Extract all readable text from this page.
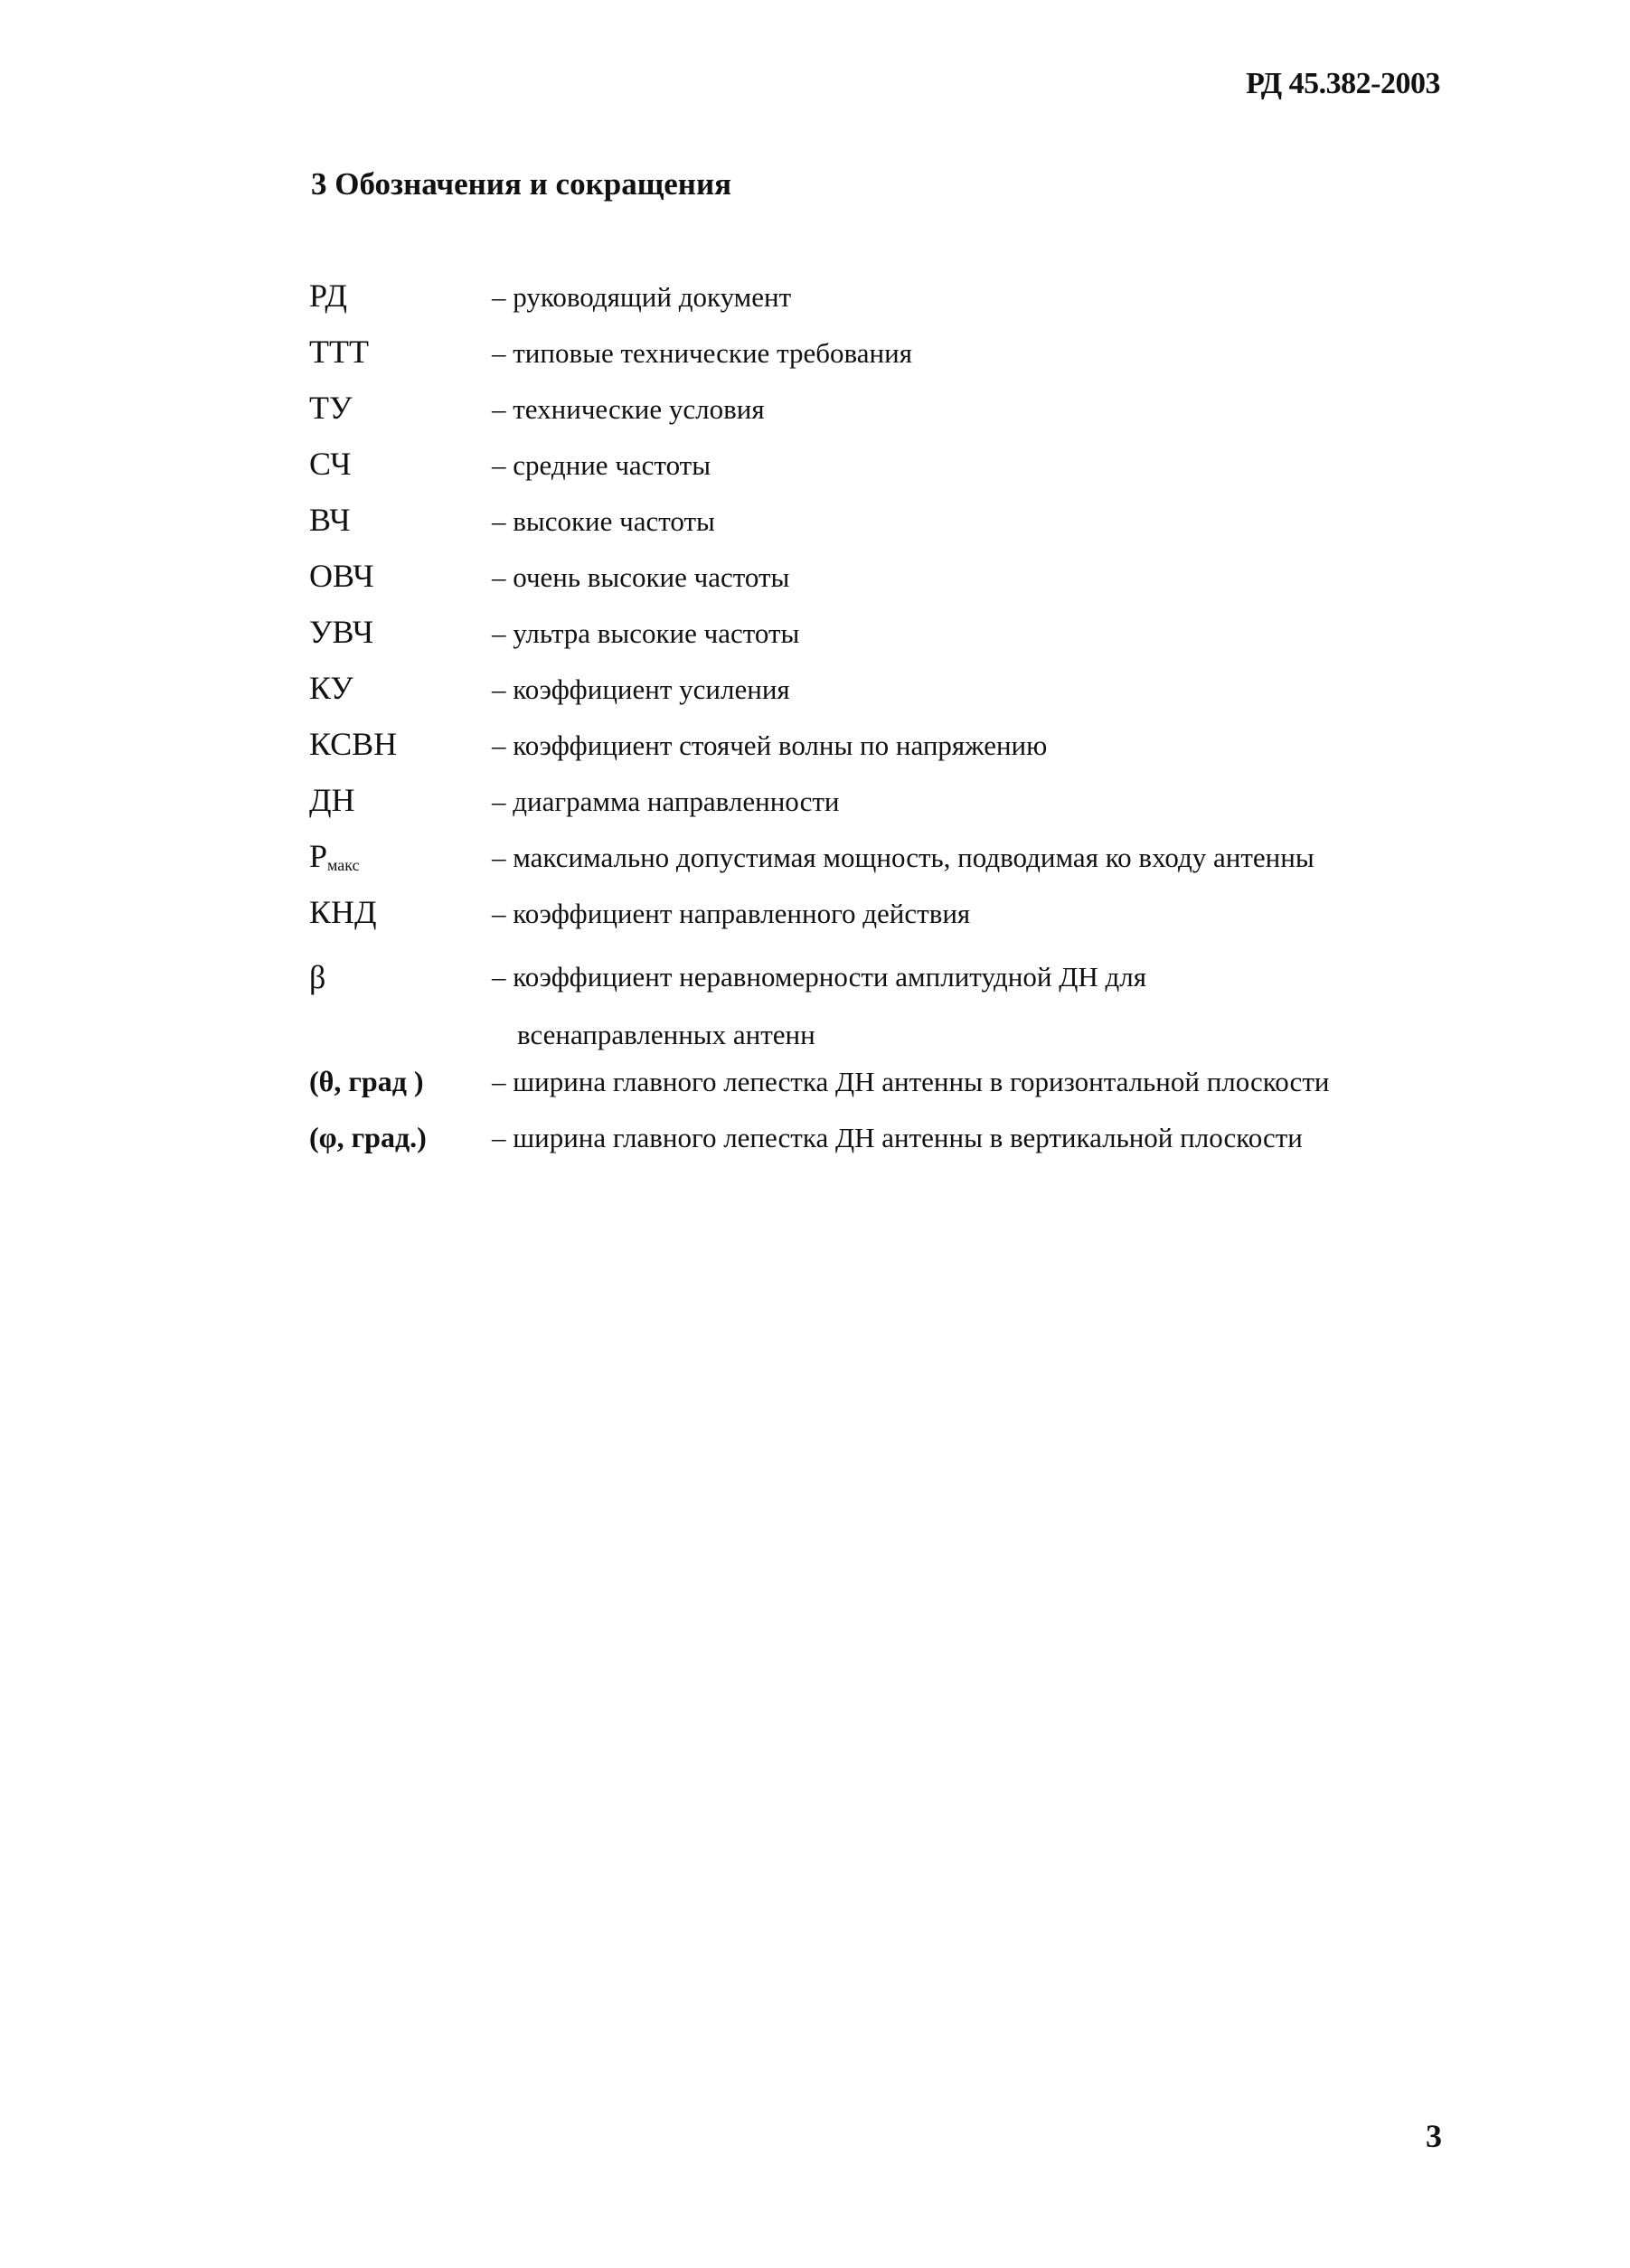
РД 45.382-2003
3 Обозначения и сокращения
РД	– руководящий документ
ТТТ	– типовые технические требования
ТУ	– технические условия
СЧ	– средние частоты
ВЧ	– высокие частоты
ОВЧ	– очень высокие частоты
УВЧ	– ультра высокие частоты
КУ	– коэффициент усиления
КСВН	– коэффициент стоячей волны по напряжению
ДН	– диаграмма направленности
$P_{макс}$	– максимально допустимая мощность, подводимая ко входу антенны
КНД	– коэффициент направленного действия
β	– коэффициент неравномерности амплитудной ДН для
всенаправленных антенн
(θ, град )	– ширина главного лепестка ДН антенны в горизонтальной плоскости
(φ, град.)	– ширина главного лепестка ДН антенны в вертикальной плоскости
3
